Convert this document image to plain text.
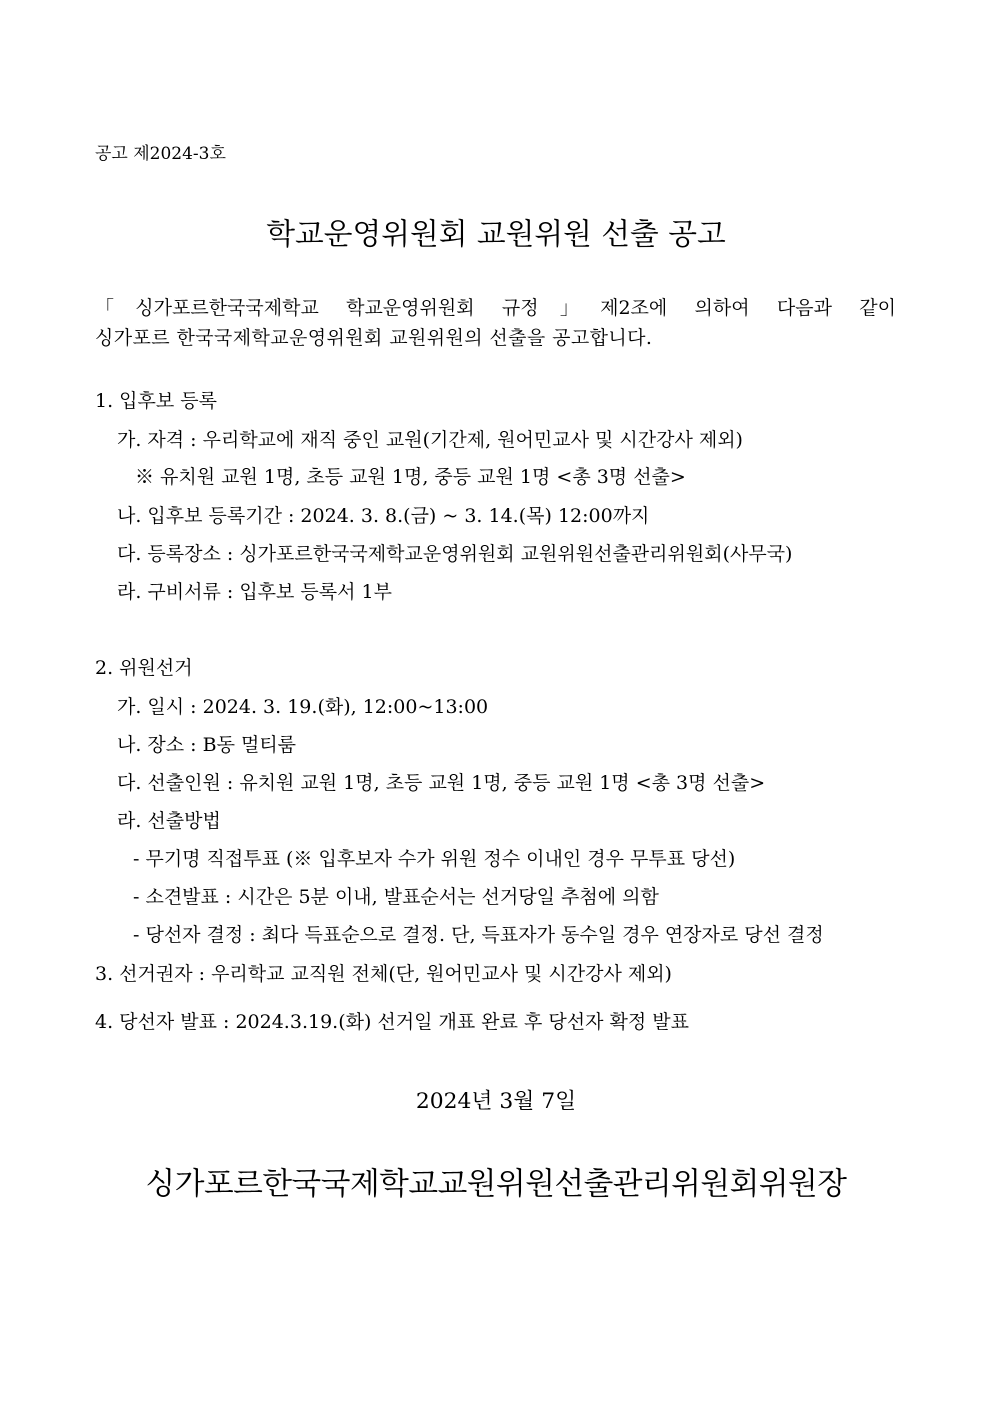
공고 제2024-3호
학교운영위원회 교원위원 선출 공고
「싱가포르한국국제학교 학교운영위원회 규정」제2조에 의하여 다음과 같이
싱가포르 한국국제학교운영위원회 교원위원의 선출을 공고합니다.
1. 입후보 등록
가. 자격 : 우리학교에 재직 중인 교원(기간제, 원어민교사 및 시간강사 제외)
※ 유치원 교원 1명, 초등 교원 1명, 중등 교원 1명 <총 3명 선출>
나. 입후보 등록기간 : 2024. 3. 8.(금) ~ 3. 14.(목) 12:00까지
다. 등록장소 : 싱가포르한국국제학교운영위원회 교원위원선출관리위원회(사무국)
라. 구비서류 : 입후보 등록서 1부
2. 위원선거
가. 일시 : 2024. 3. 19.(화), 12:00~13:00
나. 장소 : B동 멀티룸
다. 선출인원 : 유치원 교원 1명, 초등 교원 1명, 중등 교원 1명 <총 3명 선출>
라. 선출방법
- 무기명 직접투표 (※ 입후보자 수가 위원 정수 이내인 경우 무투표 당선)
- 소견발표 : 시간은 5분 이내, 발표순서는 선거당일 추첨에 의함
- 당선자 결정 : 최다 득표순으로 결정. 단, 득표자가 동수일 경우 연장자로 당선 결정
3. 선거권자 : 우리학교 교직원 전체(단, 원어민교사 및 시간강사 제외)
4. 당선자 발표 : 2024.3.19.(화) 선거일 개표 완료 후 당선자 확정 발표
2024년 3월 7일
싱가포르한국국제학교교원위원선출관리위원회위원장
